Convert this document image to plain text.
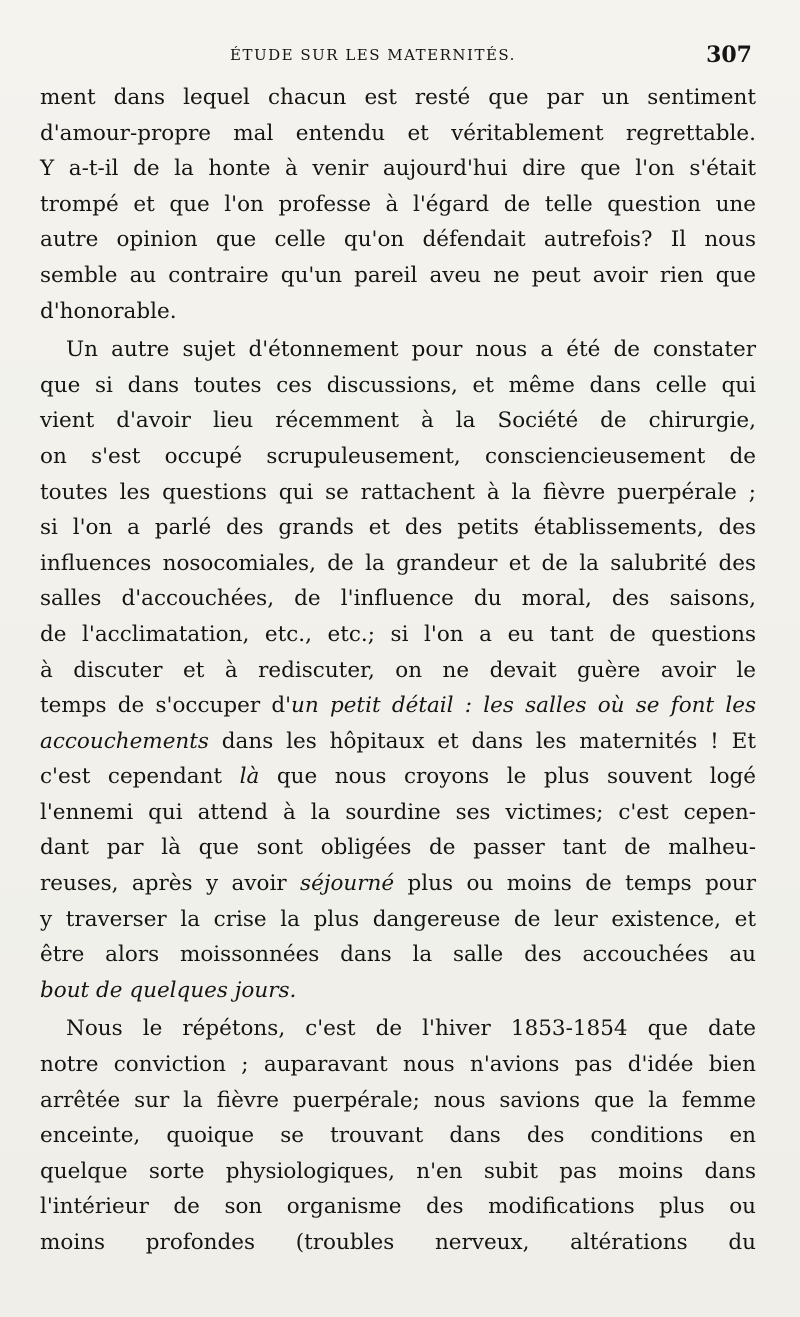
ÉTUDE SUR LES MATERNITÉS.	307
ment dans lequel chacun est resté que par un sentiment
d'amour-propre mal entendu et véritablement regrettable.
Y a-t-il de la honte à venir aujourd'hui dire que l'on s'était
trompé et que l'on professe à l'égard de telle question une
autre opinion que celle qu'on défendait autrefois? Il nous
semble au contraire qu'un pareil aveu ne peut avoir rien que
d'honorable.
Un autre sujet d'étonnement pour nous a été de constater
que si dans toutes ces discussions, et même dans celle qui
vient d'avoir lieu récemment à la Société de chirurgie,
on s'est occupé scrupuleusement, consciencieusement de
toutes les questions qui se rattachent à la fièvre puerpérale ;
si l'on a parlé des grands et des petits établissements, des
influences nosocomiales, de la grandeur et de la salubrité des
salles d'accouchées, de l'influence du moral, des saisons,
de l'acclimatation, etc., etc.; si l'on a eu tant de questions
à discuter et à rediscuter, on ne devait guère avoir le
temps de s'occuper d'un petit détail : les salles où se font les
accouchements dans les hôpitaux et dans les maternités ! Et
c'est cependant là que nous croyons le plus souvent logé
l'ennemi qui attend à la sourdine ses victimes; c'est cepen-
dant par là que sont obligées de passer tant de malheu-
reuses, après y avoir séjourné plus ou moins de temps pour
y traverser la crise la plus dangereuse de leur existence, et
être alors moissonnées dans la salle des accouchées au
bout de quelques jours.
Nous le répétons, c'est de l'hiver 1853-1854 que date
notre conviction ; auparavant nous n'avions pas d'idée bien
arrêtée sur la fièvre puerpérale; nous savions que la femme
enceinte, quoique se trouvant dans des conditions en
quelque sorte physiologiques, n'en subit pas moins dans
l'intérieur de son organisme des modifications plus ou
moins profondes (troubles nerveux, altérations du
